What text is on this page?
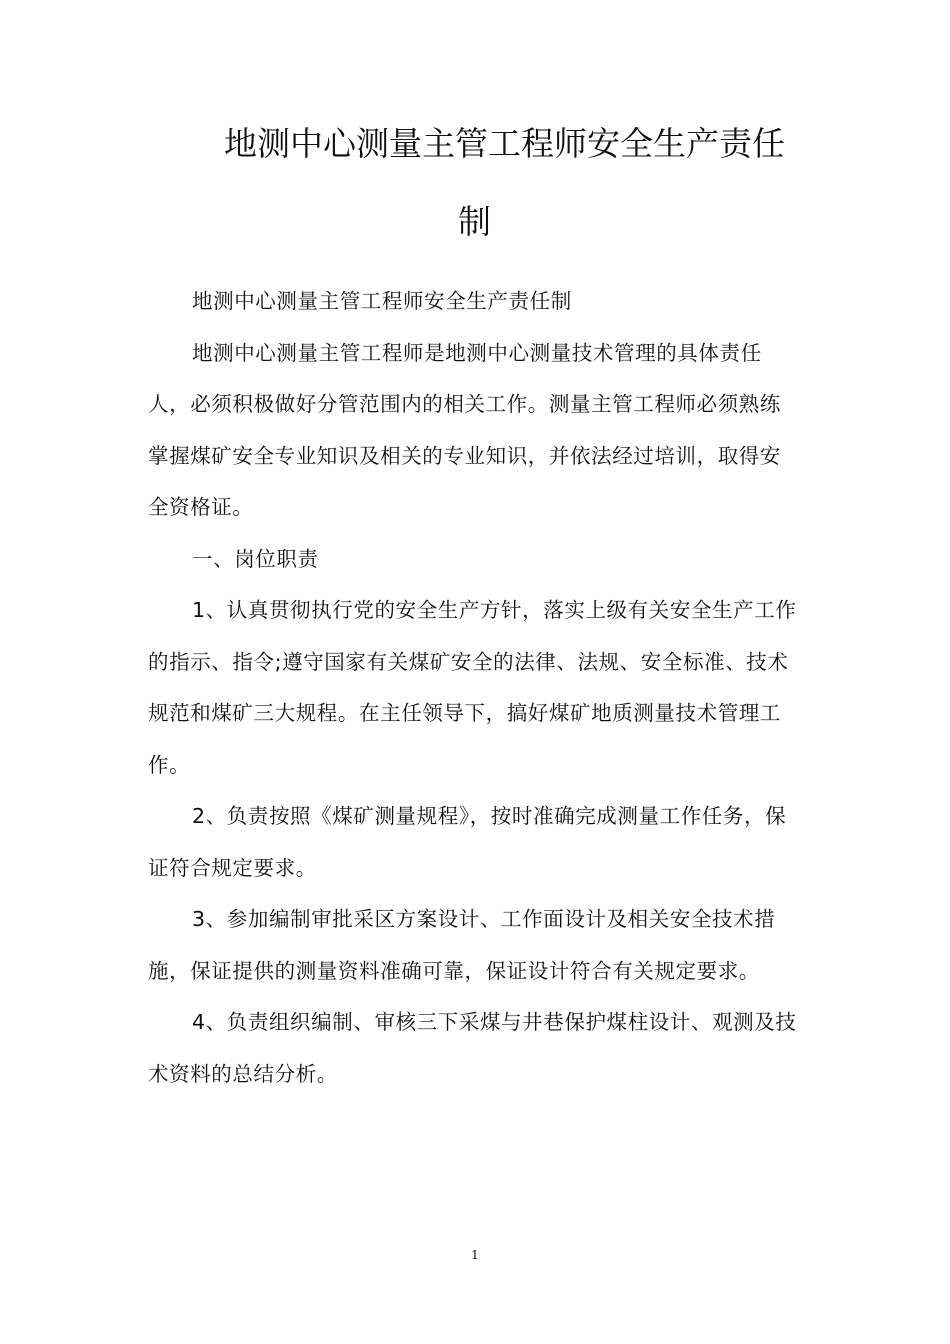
地测中心测量主管工程师安全生产责任
制

地测中心测量主管工程师安全生产责任制

地测中心测量主管工程师是地测中心测量技术管理的具体责任人，必须积极做好分管范围内的相关工作。测量主管工程师必须熟练掌握煤矿安全专业知识及相关的专业知识，并依法经过培训，取得安全资格证。

一、岗位职责

1、认真贯彻执行党的安全生产方针，落实上级有关安全生产工作的指示、指令;遵守国家有关煤矿安全的法律、法规、安全标准、技术规范和煤矿三大规程。在主任领导下，搞好煤矿地质测量技术管理工作。

2、负责按照《煤矿测量规程》，按时准确完成测量工作任务，保证符合规定要求。

3、参加编制审批采区方案设计、工作面设计及相关安全技术措施，保证提供的测量资料准确可靠，保证设计符合有关规定要求。

4、负责组织编制、审核三下采煤与井巷保护煤柱设计、观测及技术资料的总结分析。

1
